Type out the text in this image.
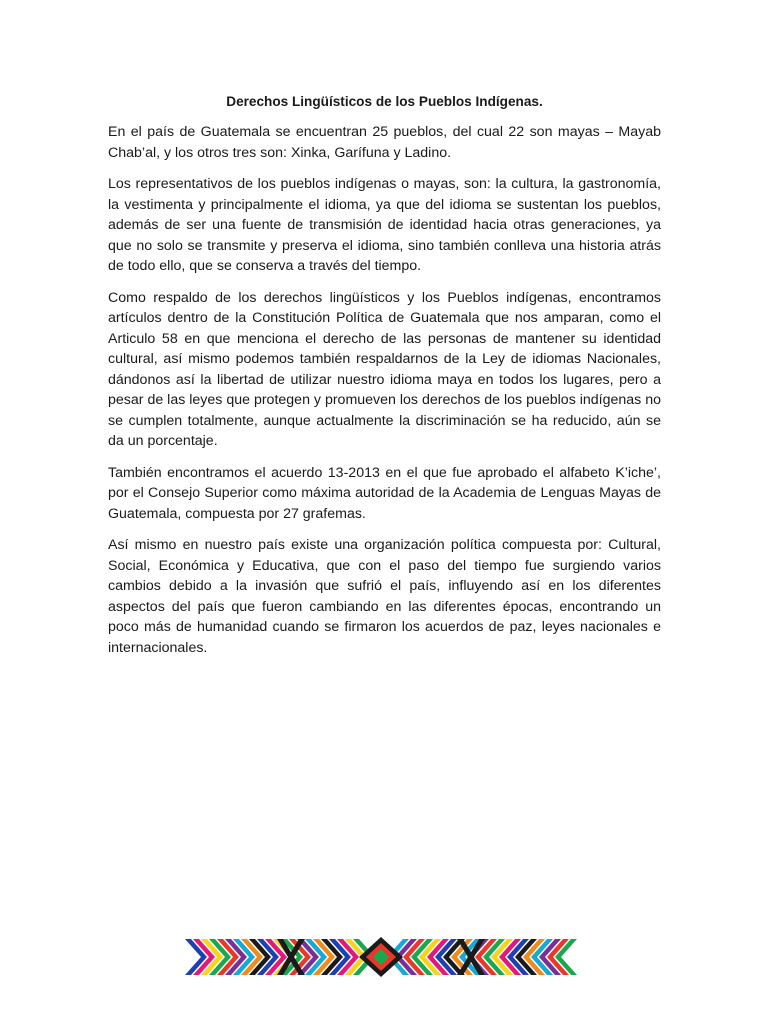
Derechos Lingüísticos de los Pueblos Indígenas.

En el país de Guatemala se encuentran 25 pueblos, del cual 22 son mayas – Mayab Chab’al, y los otros tres son: Xinka, Garífuna y Ladino.

Los representativos de los pueblos indígenas o mayas, son: la cultura, la gastronomía, la vestimenta y principalmente el idioma, ya que del idioma se sustentan los pueblos, además de ser una fuente de transmisión de identidad hacia otras generaciones, ya que no solo se transmite y preserva el idioma, sino también conlleva una historia atrás de todo ello, que se conserva a través del tiempo.

Como respaldo de los derechos lingüísticos y los Pueblos indígenas, encontramos artículos dentro de la Constitución Política de Guatemala que nos amparan, como el Articulo 58 en que menciona el derecho de las personas de mantener su identidad cultural, así mismo podemos también respaldarnos de la Ley de idiomas Nacionales, dándonos así la libertad de utilizar nuestro idioma maya en todos los lugares, pero a pesar de las leyes que protegen y promueven los derechos de los pueblos indígenas no se cumplen totalmente, aunque actualmente la discriminación se ha reducido, aún se da un porcentaje.

También encontramos el acuerdo 13-2013 en el que fue aprobado el alfabeto K’iche’, por el Consejo Superior como máxima autoridad de la Academia de Lenguas Mayas de Guatemala, compuesta por 27 grafemas.

Así mismo en nuestro país existe una organización política compuesta por: Cultural, Social, Económica y Educativa, que con el paso del tiempo fue surgiendo varios cambios debido a la invasión que sufrió el país, influyendo así en los diferentes aspectos del país que fueron cambiando en las diferentes épocas, encontrando un poco más de humanidad cuando se firmaron los acuerdos de paz, leyes nacionales e internacionales.
